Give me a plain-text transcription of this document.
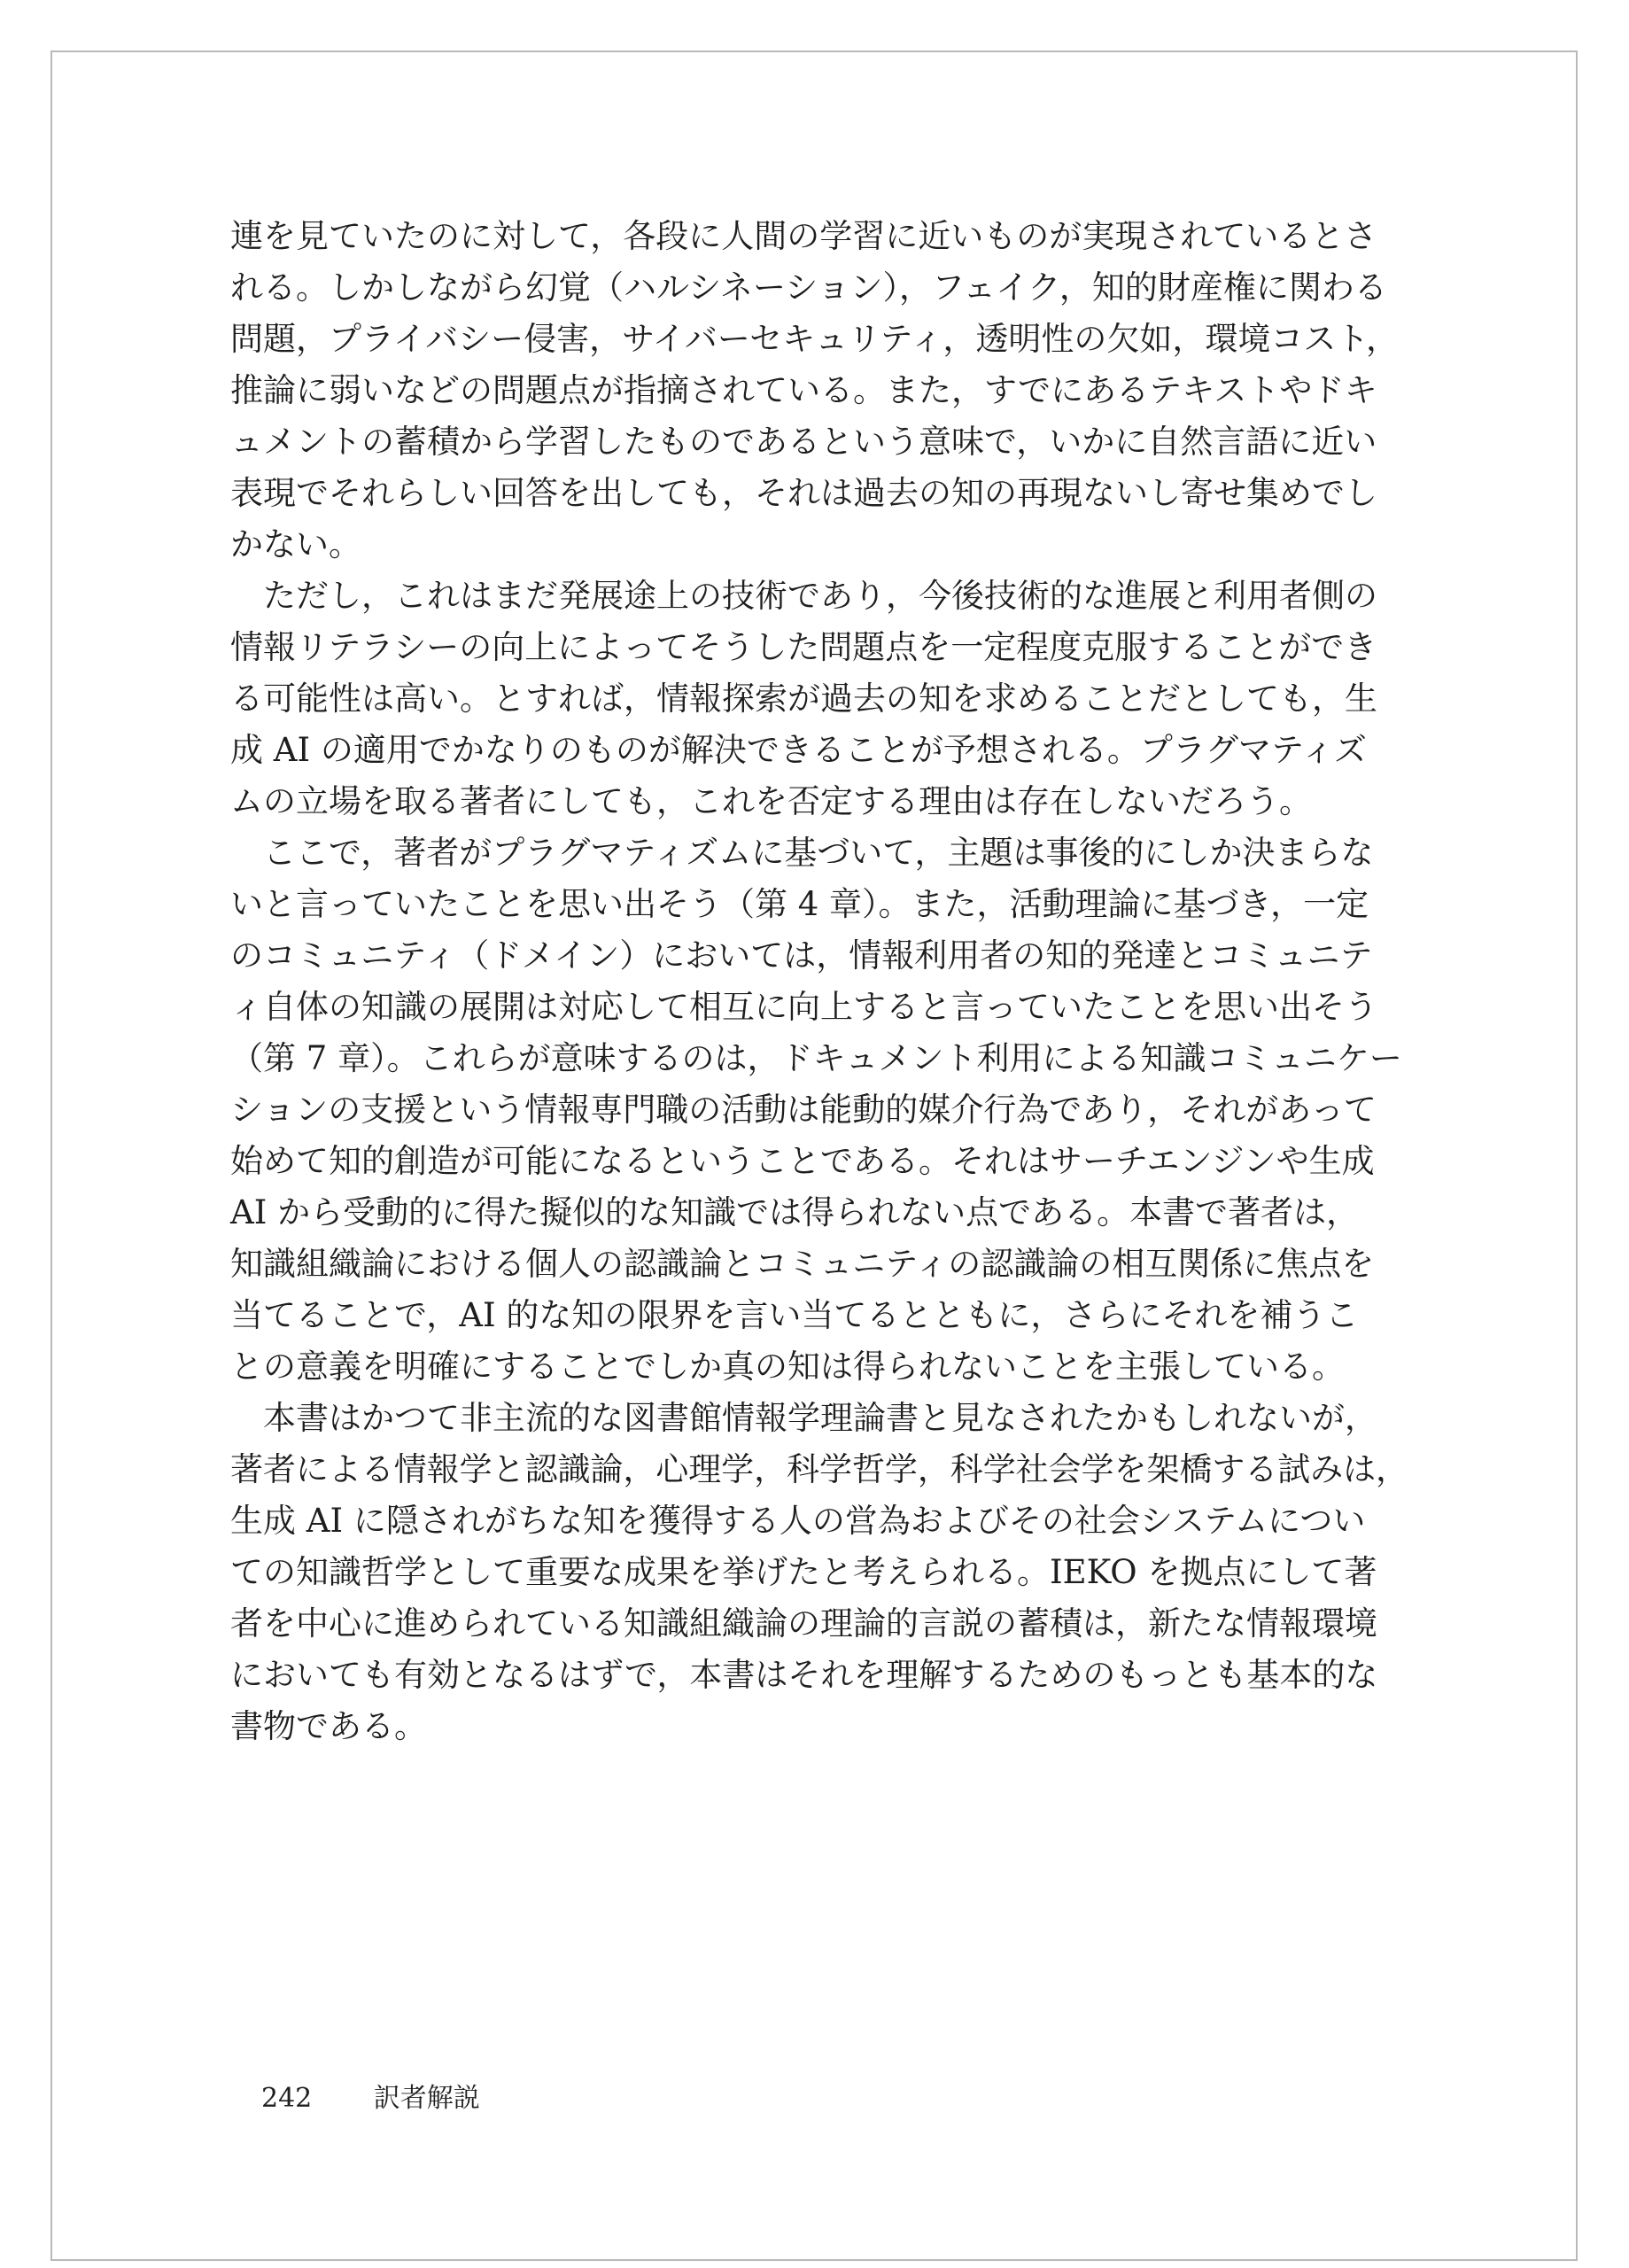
連を見ていたのに対して，各段に人間の学習に近いものが実現されているとさ
れる。しかしながら幻覚（ハルシネーション），フェイク，知的財産権に関わる
問題，プライバシー侵害，サイバーセキュリティ，透明性の欠如，環境コスト，
推論に弱いなどの問題点が指摘されている。また，すでにあるテキストやドキ
ュメントの蓄積から学習したものであるという意味で，いかに自然言語に近い
表現でそれらしい回答を出しても，それは過去の知の再現ないし寄せ集めでし
かない。
　ただし，これはまだ発展途上の技術であり，今後技術的な進展と利用者側の
情報リテラシーの向上によってそうした問題点を一定程度克服することができ
る可能性は高い。とすれば，情報探索が過去の知を求めることだとしても，生
成 AI の適用でかなりのものが解決できることが予想される。プラグマティズ
ムの立場を取る著者にしても，これを否定する理由は存在しないだろう。
　ここで，著者がプラグマティズムに基づいて，主題は事後的にしか決まらな
いと言っていたことを思い出そう（第 4 章）。また，活動理論に基づき，一定
のコミュニティ（ドメイン）においては，情報利用者の知的発達とコミュニテ
ィ自体の知識の展開は対応して相互に向上すると言っていたことを思い出そう
（第 7 章）。これらが意味するのは，ドキュメント利用による知識コミュニケー
ションの支援という情報専門職の活動は能動的媒介行為であり，それがあって
始めて知的創造が可能になるということである。それはサーチエンジンや生成
AI から受動的に得た擬似的な知識では得られない点である。本書で著者は，
知識組織論における個人の認識論とコミュニティの認識論の相互関係に焦点を
当てることで，AI 的な知の限界を言い当てるとともに，さらにそれを補うこ
との意義を明確にすることでしか真の知は得られないことを主張している。
　本書はかつて非主流的な図書館情報学理論書と見なされたかもしれないが，
著者による情報学と認識論，心理学，科学哲学，科学社会学を架橋する試みは，
生成 AI に隠されがちな知を獲得する人の営為およびその社会システムについ
ての知識哲学として重要な成果を挙げたと考えられる。IEKO を拠点にして著
者を中心に進められている知識組織論の理論的言説の蓄積は，新たな情報環境
においても有効となるはずで，本書はそれを理解するためのもっとも基本的な
書物である。
242 訳者解説
